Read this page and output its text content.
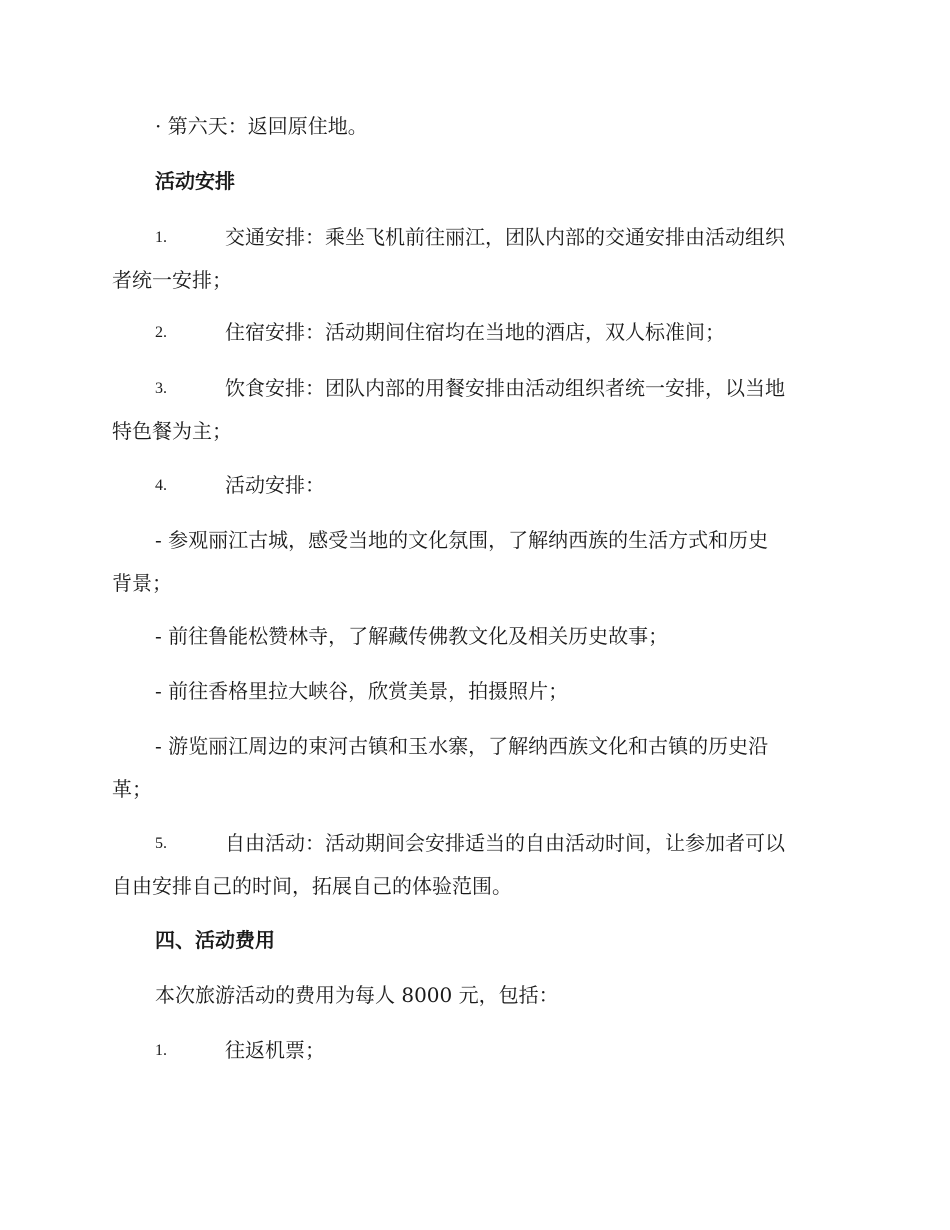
· 第六天：返回原住地。
活动安排
1.	交通安排：乘坐飞机前往丽江，团队内部的交通安排由活动组织
者统一安排；
2.	住宿安排：活动期间住宿均在当地的酒店，双人标准间；
3.	饮食安排：团队内部的用餐安排由活动组织者统一安排，以当地
特色餐为主；
4.	活动安排：
- 参观丽江古城，感受当地的文化氛围，了解纳西族的生活方式和历史
背景；
- 前往鲁能松赞林寺，了解藏传佛教文化及相关历史故事；
- 前往香格里拉大峡谷，欣赏美景，拍摄照片；
- 游览丽江周边的束河古镇和玉水寨，了解纳西族文化和古镇的历史沿
革；
5.	自由活动：活动期间会安排适当的自由活动时间，让参加者可以
自由安排自己的时间，拓展自己的体验范围。
四、活动费用
本次旅游活动的费用为每人 8000 元，包括：
1.	往返机票；
